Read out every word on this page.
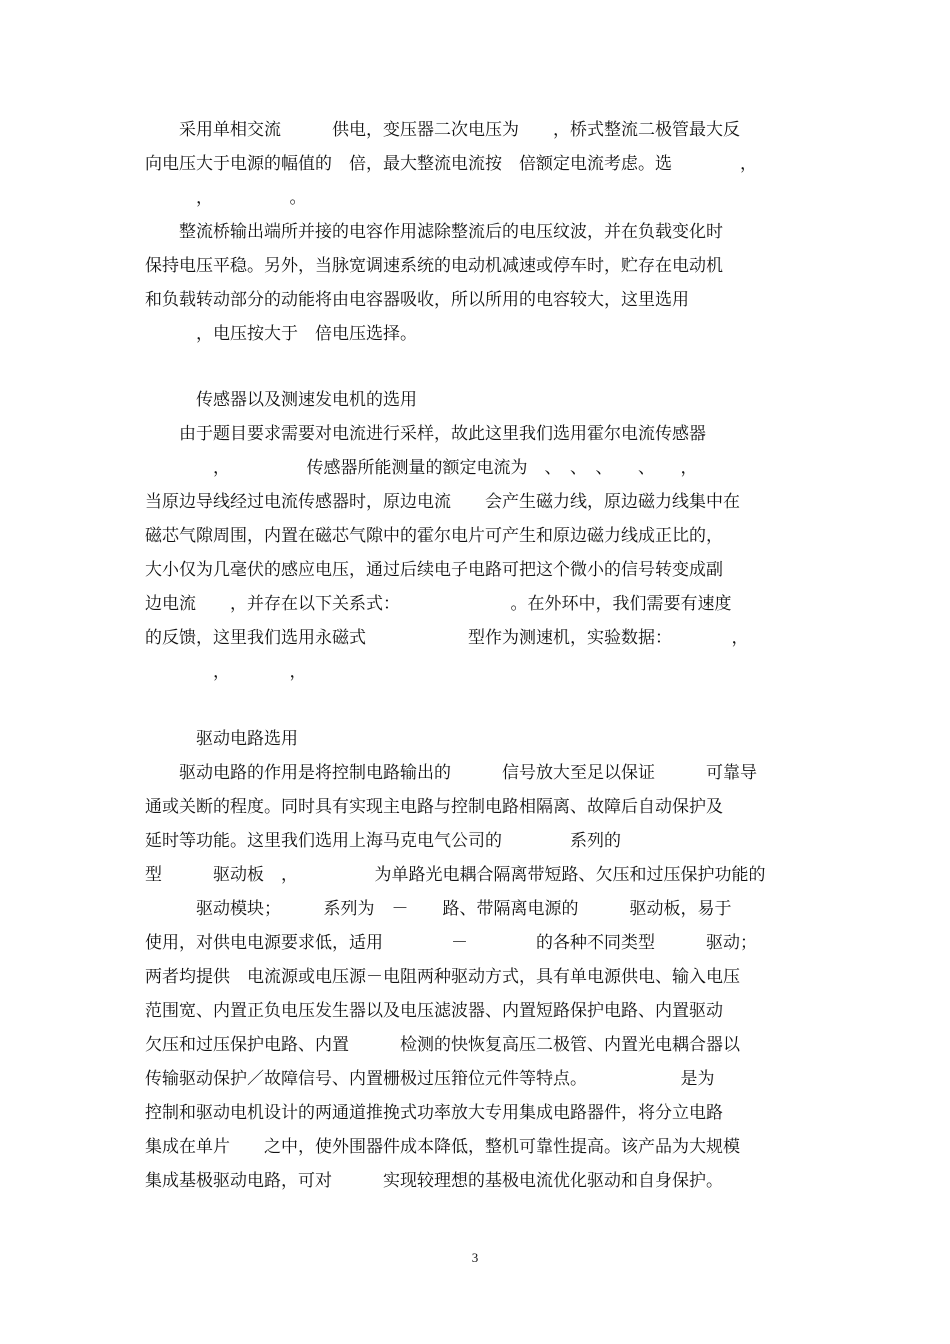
　　采用单相交流　　　供电，变压器二次电压为　　，桥式整流二极管最大反
向电压大于电源的幅值的　倍，最大整流电流按　倍额定电流考虑。选　　　　，
　　　，　　　　　。
　　整流桥输出端所并接的电容作用滤除整流后的电压纹波，并在负载变化时
保持电压平稳。另外，当脉宽调速系统的电动机减速或停车时，贮存在电动机
和负载转动部分的动能将由电容器吸收，所以所用的电容较大，这里选用
　　　，电压按大于　倍电压选择。
　　　传感器以及测速发电机的选用
　　由于题目要求需要对电流进行采样，故此这里我们选用霍尔电流传感器
　　　　，　　　　　传感器所能测量的额定电流为　、　、　、　　、　　，
当原边导线经过电流传感器时，原边电流　　会产生磁力线，原边磁力线集中在
磁芯气隙周围，内置在磁芯气隙中的霍尔电片可产生和原边磁力线成正比的，
大小仅为几毫伏的感应电压，通过后续电子电路可把这个微小的信号转变成副
边电流　　，并存在以下关系式：　　　　　　　。在外环中，我们需要有速度
的反馈，这里我们选用永磁式　　　　　　型作为测速机，实验数据：　　　　，
　　　　，　　　　，
　　　驱动电路选用
　　驱动电路的作用是将控制电路输出的　　　信号放大至足以保证　　　可靠导
通或关断的程度。同时具有实现主电路与控制电路相隔离、故障后自动保护及
延时等功能。这里我们选用上海马克电气公司的　　　　系列的
型　　　驱动板　，　　　　　为单路光电耦合隔离带短路、欠压和过压保护功能的
　　　驱动模块；　　　系列为　－　　路、带隔离电源的　　　驱动板，易于
使用，对供电电源要求低，适用　　　　－　　　　的各种不同类型　　　驱动；
两者均提供　电流源或电压源－电阻两种驱动方式，具有单电源供电、输入电压
范围宽、内置正负电压发生器以及电压滤波器、内置短路保护电路、内置驱动
欠压和过压保护电路、内置　　　检测的快恢复高压二极管、内置光电耦合器以
传输驱动保护／故障信号、内置栅极过压箝位元件等特点。　　　　　　是为
控制和驱动电机设计的两通道推挽式功率放大专用集成电路器件，将分立电路
集成在单片　　之中，使外围器件成本降低，整机可靠性提高。该产品为大规模
集成基极驱动电路，可对　　　实现较理想的基极电流优化驱动和自身保护。
3
